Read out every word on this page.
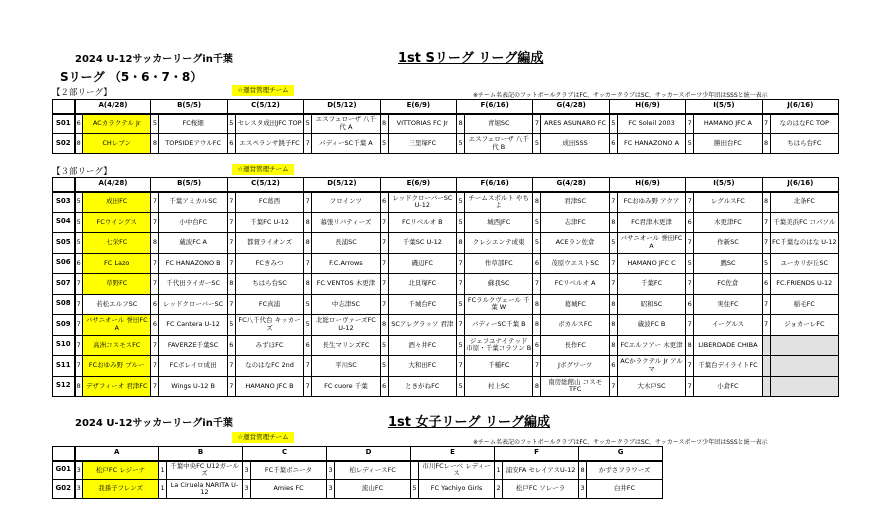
2024 U-12サッカーリーグin千葉	1st Sリーグ リーグ編成
Sリーグ （5・6・7・8）
【２部リーグ】	☆運営管理チーム
※チーム名表記のフットボールクラブはFC、サッカークラブはSC、サッカースポーツ少年団はSSSと統一表示
	A(4/28)		B(5/5)		C(5/12)		D(5/12)		E(6/9)		F(6/16)		G(4/28)		H(6/9)		I(5/5)		J(6/16)	
S01	6	ACカラクテル Jr	5	FC桜細	5	セレスタ成田JFC TOP	5	エスフェローザ 八千代 A	8	VITTORIAS FC Jr	8	青堀SC	7	ARES ASUNARO FC	5	FC Soleil 2003	7	HAMANO JFC A	7	なのはなFC TOP
S02	8	CHレブン	8	TOPSIDEアウルFC	6	エスペランサ銚子FC	7	パディーSC千葉 A	5	三里塚FC	5	エスフェローザ 八千代 B	5	成田SSS	6	FC HANAZONO A	5	勝田台FC	8	ちはら台FC
【３部リーグ】	☆運営管理チーム
	A(4/28)		B(5/5)		C(5/12)		D(5/12)		E(6/9)		F(6/16)		G(4/28)		H(6/9)		I(5/5)		J(6/16)	
S03	5	成田FC	7	千葉アミカルSC	7	FC葛西	7	フロインツ	6	レッドクローバーSC U-12	5	チームスポルト やちよ	8	君津SC	7	FCおゆみ野 アクア	7	レグルスFC	8	北条FC
S04	5	FCウイングス	7	小中台FC	7	千葉FC U-12	8	幕張リバティーズ	7	FCリベルオ B	5	城西JFC	5	志津FC	8	FC君津木更津	6	木更津FC	7	千葉美浜FC コパソル
S05	5	七栄FC	8	蔵波FC A	7	都賀ライオンズ	8	長浦SC	7	千葉SC U-12	8	クレシエンテ成東	5	ACEラン佐倉	5	バサニオール 誉田FC A	7	作新SC	7	FC千葉なのはな U-12
S06	6	FC Lazo	7	FC HANAZONO B	7	FCきみつ	7	F.C.Arrows	7	磯辺FC	7	作草部FC	6	茂原ウエストSC	7	HAMANO JFC C	5	鷹SC	5	ユーカリが丘SC
S07	7	草野FC	7	千代田ライガーSC	8	ちはら台SC	8	FC VENTOS 木更津	7	北貝塚FC	7	蘇我SC	7	FCリベルオ A	7	千葉FC	7	FC佐倉	6	FC.FRIENDS U-12
S08	7	若松エルフSC	6	レッドクローバーSC	7	FC真浦	5	中志津SC	7	千城台FC	5	FCラルクヴェール 千葉 W	8	葛城FC	8	昭和SC	6	実住FC	7	稲毛FC
S09	7	バサニオール 誉田FC A	6	FC Cantera U-12	5	FC八千代台 キッカーズ	5	北総ローヴァーズFC U-12	8	SCアレグラッソ 君津	7	パディーSC千葉 B	8	ボカルスFC	8	蔵波FC B	7	イーグルス	7	ジョカーレFC
S10	7	高洲コスモスFC	7	FAVERZE千葉SC	6	みずほFC	6	長生マリンズFC	5	酒々井FC	5	ジェフユナイテッド 市原・千葉コラソン B	6	長作FC	8	FCエルフアー 木更津	8	LIBERDADE CHIBA		
S11	7	FCおゆみ野 ブルー	7	FCボレイロ成田	7	なのはなFC 2nd	7	平川SC	5	大和田FC	7	千種FC	7	Jボグワーツ	6	ACかラクテル Jr アルマ	7	千葉台デイライトFC		
S12	8	デザフィーオ 君津FC	7	Wings U-12 B	7	HAMANO JFC B	7	FC cuore 千葉	6	ときがねFC	5	村上SC	8	南房総館山 コスモTFC	7	大木戸SC	7	小倉FC		
2024 U-12サッカーリーグin千葉	1st 女子リーグ リーグ編成
☆運営管理チーム
※チーム名表記のフットボールクラブはFC、サッカークラブはSC、サッカースポーツ少年団はSSSと統一表示
	A		B		C		D		E		F		G	
G01	3	松戸FC レジーナ	1	千葉中央FC U12ガールズ	3	FC千葉ボニータ	3	柏レディースFC		市川FCレーベ レディース	1	浦安FA セレイアスU-12	8	かずさフラワーズ
G02	3	我孫子フレンズ	1	La Ciruela NARITA U-12	3	Amies FC	3	流山FC	5	FC Yachiyo Girls	2	松戸FC ソレーラ	3	白井FC
